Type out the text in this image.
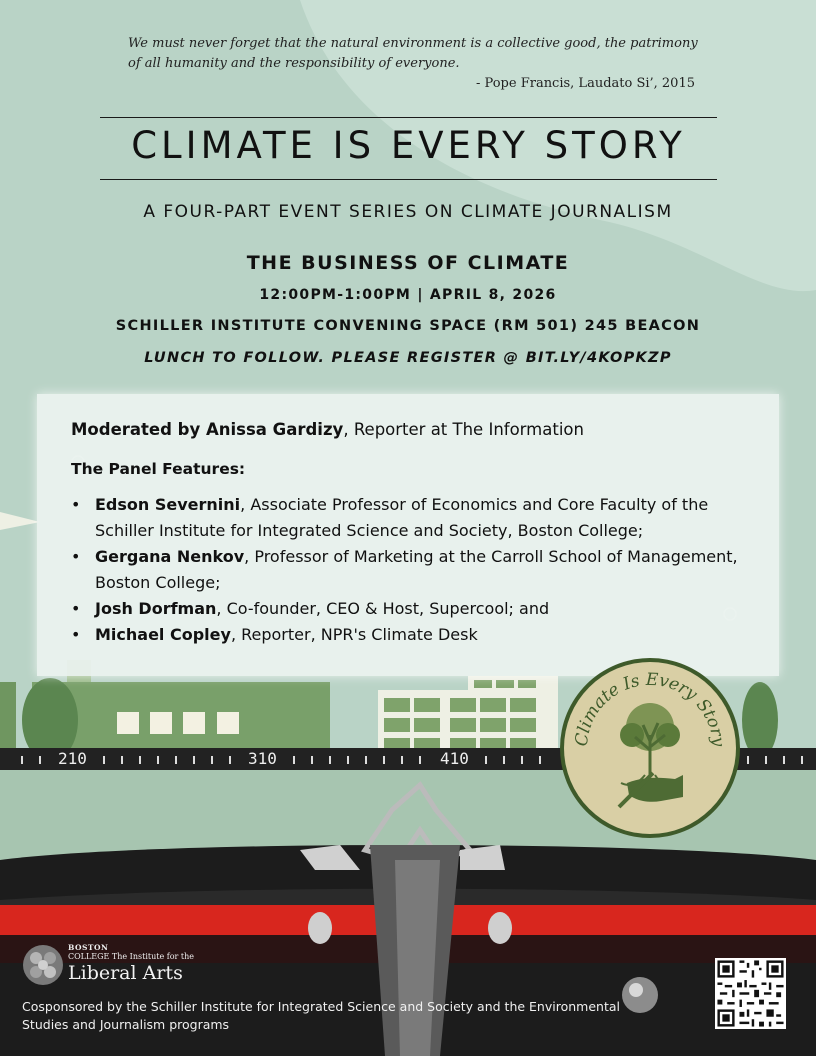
210	310	410
We must never forget that the natural environment is a collective good, the patrimony of all humanity and the responsibility of everyone.
- Pope Francis, Laudato Si’, 2015
CLIMATE IS EVERY STORY
A FOUR-PART EVENT SERIES ON CLIMATE JOURNALISM
THE BUSINESS OF CLIMATE
12:00PM-1:00PM | APRIL 8, 2026
SCHILLER INSTITUTE CONVENING SPACE (RM 501) 245 BEACON
LUNCH TO FOLLOW. PLEASE REGISTER @ BIT.LY/4KOPKZP
Moderated by Anissa Gardizy, Reporter at The Information
The Panel Features:
• Edson Severnini, Associate Professor of Economics and Core Faculty of the Schiller Institute for Integrated Science and Society, Boston College;
• Gergana Nenkov, Professor of Marketing at the Carroll School of Management, Boston College;
• Josh Dorfman, Co-founder, CEO & Host, Supercool; and
• Michael Copley, Reporter, NPR's Climate Desk
Climate Is Every Story
BOSTON
COLLEGE The Institute for the
Liberal Arts
Cosponsored by the Schiller Institute for Integrated Science and Society and the Environmental Studies and Journalism programs
